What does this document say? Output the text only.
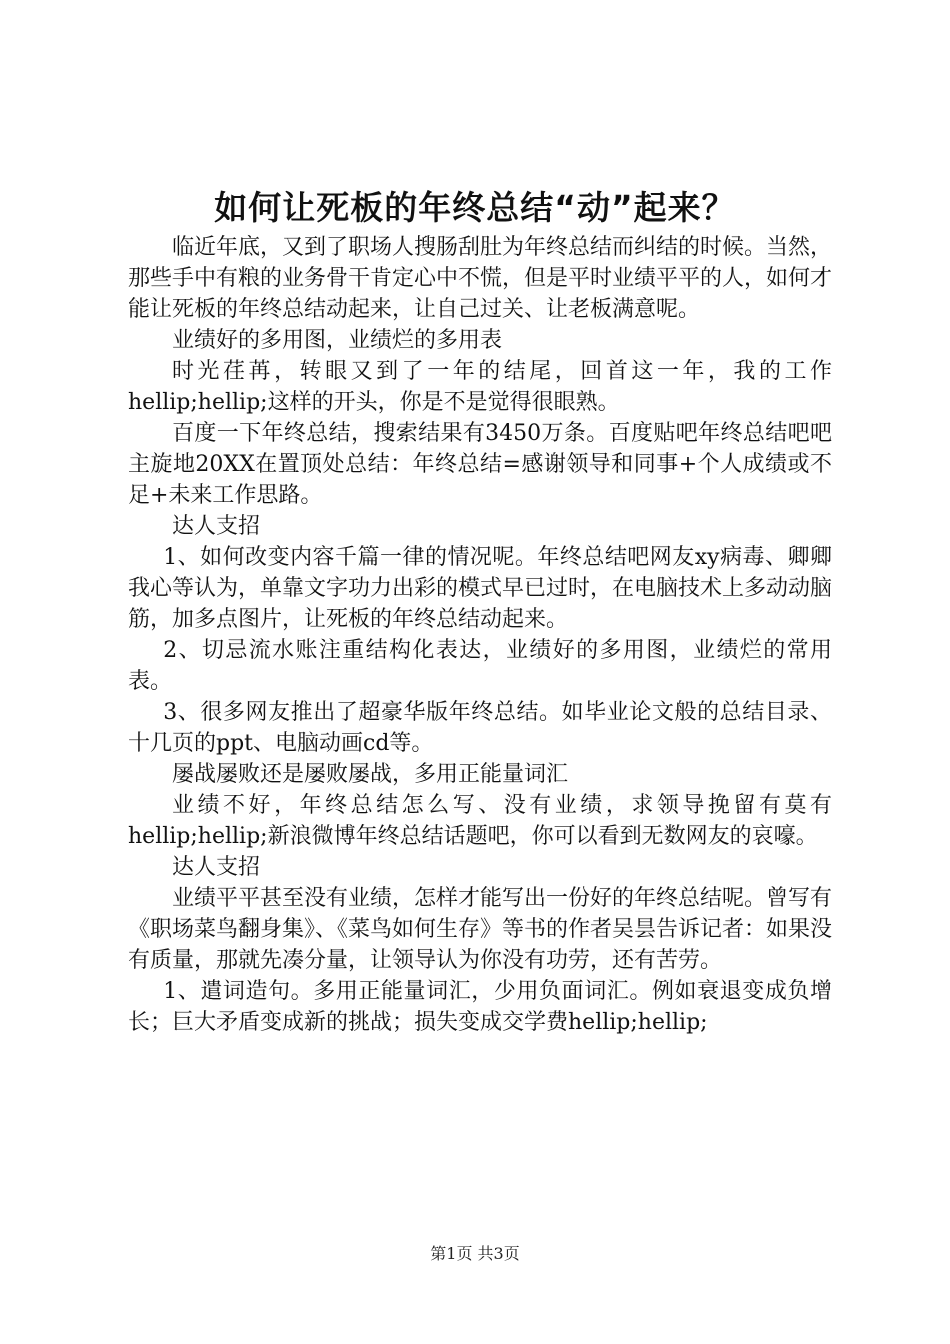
如何让死板的年终总结“动”起来？

临近年底，又到了职场人搜肠刮肚为年终总结而纠结的时候。当然，那些手中有粮的业务骨干肯定心中不慌，但是平时业绩平平的人，如何才能让死板的年终总结动起来，让自己过关、让老板满意呢。

业绩好的多用图，业绩烂的多用表

时光荏苒，转眼又到了一年的结尾，回首这一年，我的工作hellip;hellip;这样的开头，你是不是觉得很眼熟。

百度一下年终总结，搜索结果有3450万条。百度贴吧年终总结吧吧主旋地20XX在置顶处总结：年终总结=感谢领导和同事+个人成绩或不足+未来工作思路。

达人支招

1、如何改变内容千篇一律的情况呢。年终总结吧网友xy病毒、卿卿我心等认为，单靠文字功力出彩的模式早已过时，在电脑技术上多动动脑筋，加多点图片，让死板的年终总结动起来。

2、切忌流水账注重结构化表达，业绩好的多用图，业绩烂的常用表。

3、很多网友推出了超豪华版年终总结。如毕业论文般的总结目录、十几页的ppt、电脑动画cd等。

屡战屡败还是屡败屡战，多用正能量词汇

业绩不好，年终总结怎么写、没有业绩，求领导挽留有莫有hellip;hellip;新浪微博年终总结话题吧，你可以看到无数网友的哀嚎。

达人支招

业绩平平甚至没有业绩，怎样才能写出一份好的年终总结呢。曾写有《职场菜鸟翻身集》、《菜鸟如何生存》等书的作者吴昙告诉记者：如果没有质量，那就先凑分量，让领导认为你没有功劳，还有苦劳。

1、遣词造句。多用正能量词汇，少用负面词汇。例如衰退变成负增长；巨大矛盾变成新的挑战；损失变成交学费hellip;hellip;

第1页 共3页
